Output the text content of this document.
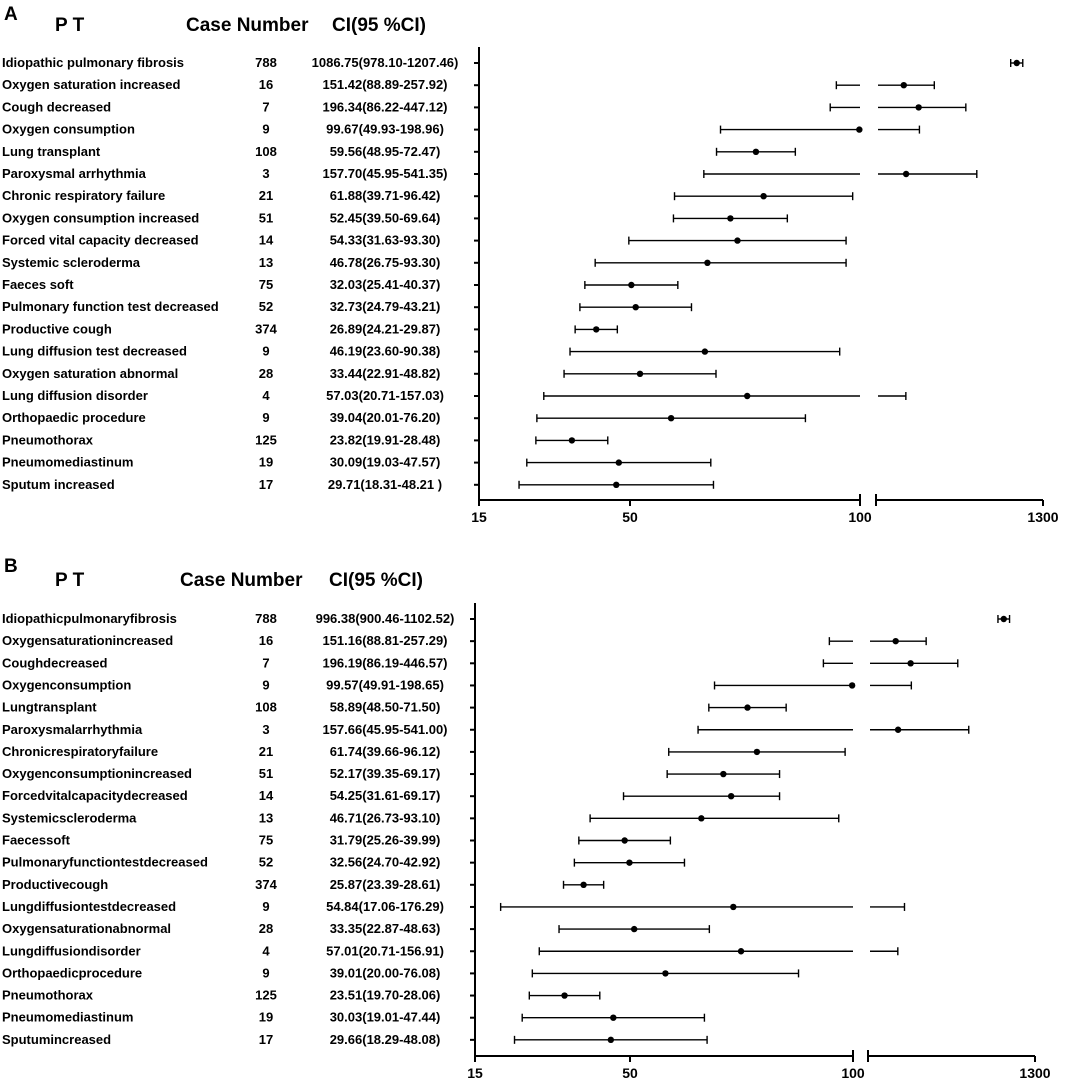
A
P T	Case Number CI(95 %CI)
15	50	100	1300
Idiopathic pulmonary fibrosis	788	1086.75(978.10-1207.46)
Oxygen saturation increased	16	151.42(88.89-257.92)
Cough decreased	7	196.34(86.22-447.12)
Oxygen consumption	9	99.67(49.93-198.96)
Lung transplant	108	59.56(48.95-72.47)
Paroxysmal arrhythmia	3	157.70(45.95-541.35)
Chronic respiratory failure	21	61.88(39.71-96.42)
Oxygen consumption increased	51	52.45(39.50-69.64)
Forced vital capacity decreased	14	54.33(31.63-93.30)
Systemic scleroderma	13	46.78(26.75-93.30)
Faeces soft	75	32.03(25.41-40.37)
Pulmonary function test decreased	52	32.73(24.79-43.21)
Productive cough	374	26.89(24.21-29.87)
Lung diffusion test decreased	9	46.19(23.60-90.38)
Oxygen saturation abnormal	28	33.44(22.91-48.82)
Lung diffusion disorder	4	57.03(20.71-157.03)
Orthopaedic procedure	9	39.04(20.01-76.20)
Pneumothorax	125	23.82(19.91-28.48)
Pneumomediastinum	19	30.09(19.03-47.57)
Sputum increased	17	29.71(18.31-48.21 )
B
P T	Case Number CI(95 %CI)
15	50	100	1300
Idiopathicpulmonaryfibrosis	788	996.38(900.46-1102.52)
Oxygensaturationincreased	16	151.16(88.81-257.29)
Coughdecreased	7	196.19(86.19-446.57)
Oxygenconsumption	9	99.57(49.91-198.65)
Lungtransplant	108	58.89(48.50-71.50)
Paroxysmalarrhythmia	3	157.66(45.95-541.00)
Chronicrespiratoryfailure	21	61.74(39.66-96.12)
Oxygenconsumptionincreased	51	52.17(39.35-69.17)
Forcedvitalcapacitydecreased	14	54.25(31.61-69.17)
Systemicscleroderma	13	46.71(26.73-93.10)
Faecessoft	75	31.79(25.26-39.99)
Pulmonaryfunctiontestdecreased	52	32.56(24.70-42.92)
Productivecough	374	25.87(23.39-28.61)
Lungdiffusiontestdecreased	9	54.84(17.06-176.29)
Oxygensaturationabnormal	28	33.35(22.87-48.63)
Lungdiffusiondisorder	4	57.01(20.71-156.91)
Orthopaedicprocedure	9	39.01(20.00-76.08)
Pneumothorax	125	23.51(19.70-28.06)
Pneumomediastinum	19	30.03(19.01-47.44)
Sputumincreased	17	29.66(18.29-48.08)
